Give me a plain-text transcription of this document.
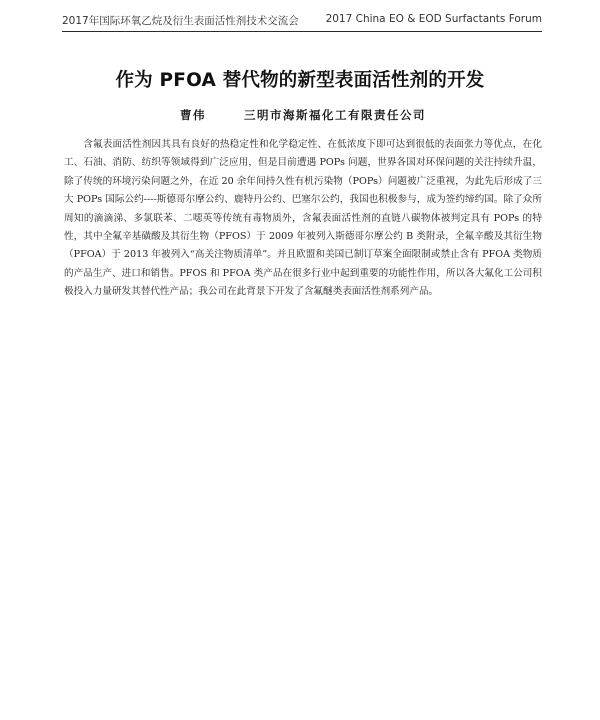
2017年国际环氧乙烷及衍生表面活性剂技术交流会	2017 China EO & EOD Surfactants Forum
作为 PFOA 替代物的新型表面活性剂的开发
曹伟	三明市海斯福化工有限责任公司

含氟表面活性剂因其具有良好的热稳定性和化学稳定性、在低浓度下即可达到很低的表面张力等优点，在化工、石油、消防、纺织等领域得到广泛应用，但是目前遭遇 POPs 问题，世界各国对环保问题的关注持续升温，除了传统的环境污染问题之外，在近 20 余年间持久性有机污染物（POPs）问题被广泛重视，为此先后形成了三大 POPs 国际公约----斯德哥尔摩公约、鹿特丹公约、巴塞尔公约，我国也积极参与，成为签约缔约国。除了众所周知的滴滴涕、多氯联苯、二噁英等传统有毒物质外，含氟表面活性剂的直链八碳物体被判定具有 POPs 的特性，其中全氟辛基磺酸及其衍生物（PFOS）于 2009 年被列入斯德哥尔摩公约 B 类附录，全氟辛酸及其衍生物（PFOA）于 2013 年被列入“高关注物质清单”。并且欧盟和美国已制订草案全面限制或禁止含有 PFOA 类物质的产品生产、进口和销售。PFOS 和 PFOA 类产品在很多行业中起到重要的功能性作用，所以各大氟化工公司积极投入力量研发其替代性产品；我公司在此背景下开发了含氟醚类表面活性剂系列产品。
